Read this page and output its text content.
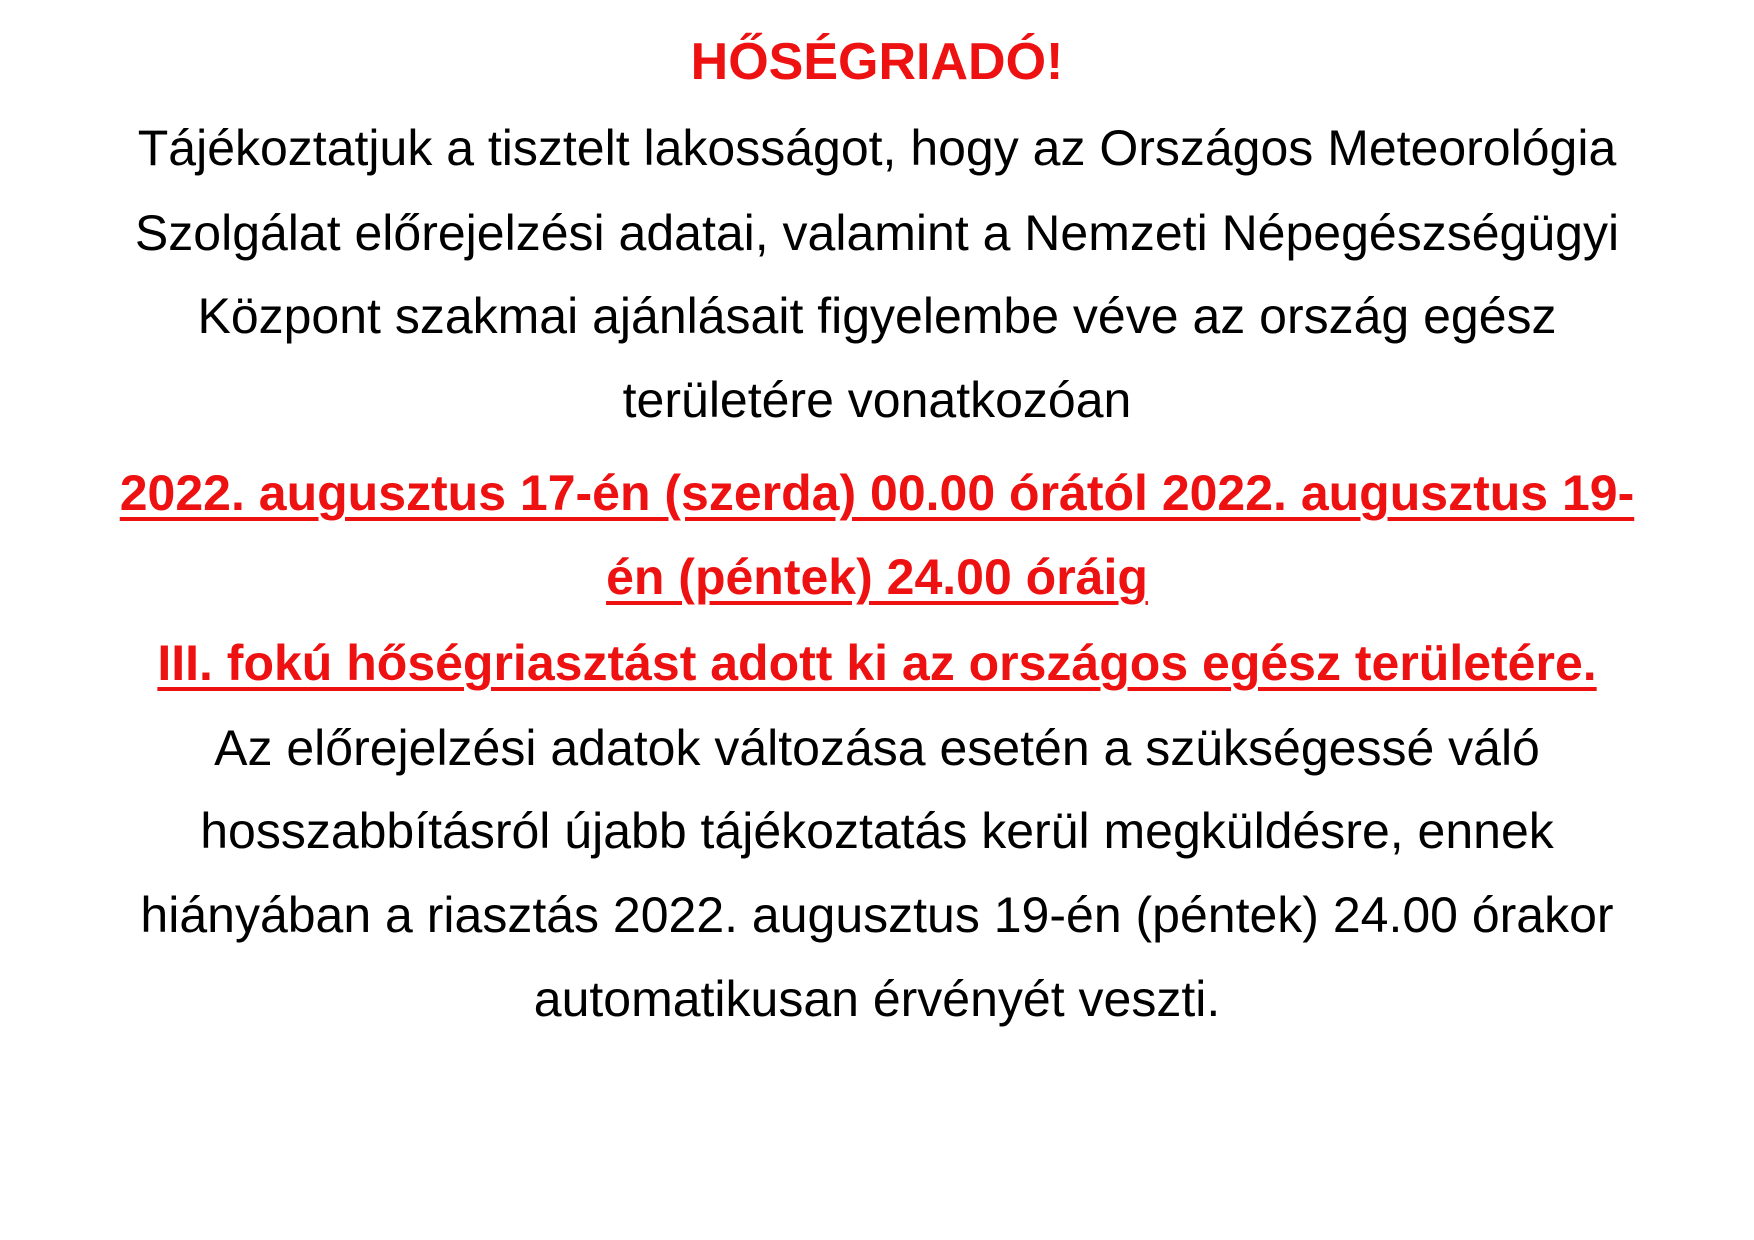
HŐSÉGRIADÓ!
Tájékoztatjuk a tisztelt lakosságot, hogy az Országos Meteorológia
Szolgálat előrejelzési adatai, valamint a Nemzeti Népegészségügyi
Központ szakmai ajánlásait figyelembe véve az ország egész
területére vonatkozóan
2022. augusztus 17-én (szerda) 00.00 órától 2022. augusztus 19-
én (péntek) 24.00 óráig
III. fokú hőségriasztást adott ki az országos egész területére.
Az előrejelzési adatok változása esetén a szükségessé váló
hosszabbításról újabb tájékoztatás kerül megküldésre, ennek
hiányában a riasztás 2022. augusztus 19-én (péntek) 24.00 órakor
automatikusan érvényét veszti.
